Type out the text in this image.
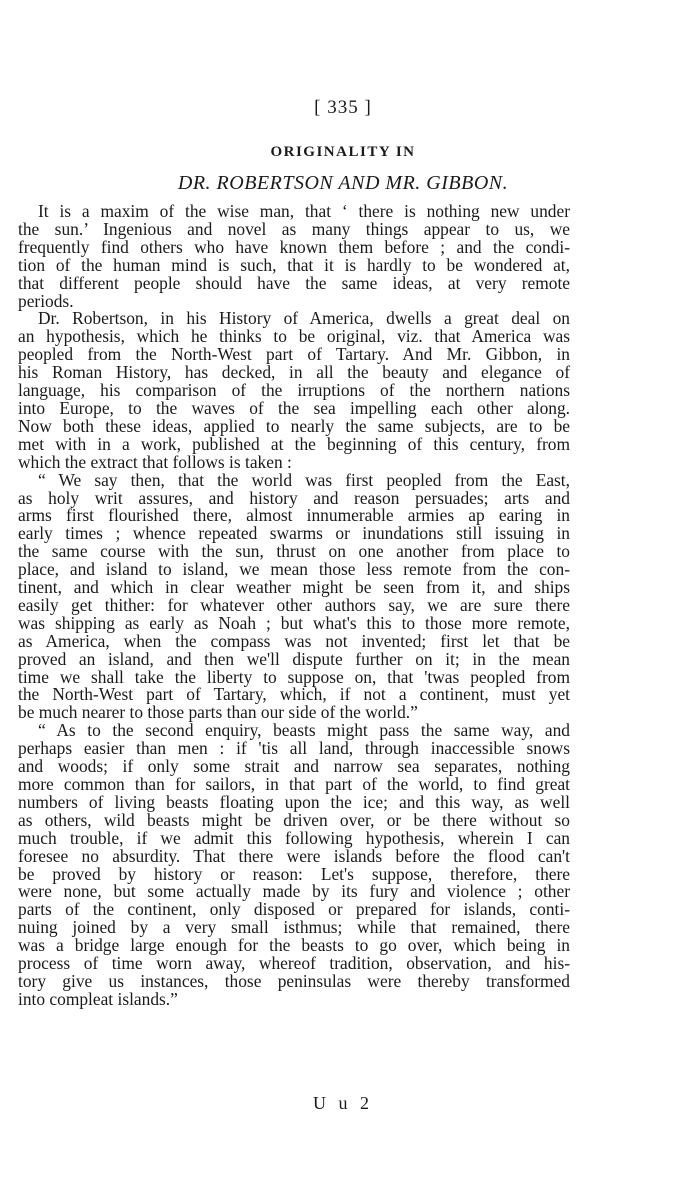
[ 335 ]
ORIGINALITY IN
DR. ROBERTSON AND MR. GIBBON.
It is a maxim of the wise man, that ‘ there is nothing new under
the sun.’ Ingenious and novel as many things appear to us, we
frequently find others who have known them before ; and the condi-
tion of the human mind is such, that it is hardly to be wondered at,
that different people should have the same ideas, at very remote
periods.
Dr. Robertson, in his History of America, dwells a great deal on
an hypothesis, which he thinks to be original, viz. that America was
peopled from the North-West part of Tartary. And Mr. Gibbon, in
his Roman History, has decked, in all the beauty and elegance of
language, his comparison of the irruptions of the northern nations
into Europe, to the waves of the sea impelling each other along.
Now both these ideas, applied to nearly the same subjects, are to be
met with in a work, published at the beginning of this century, from
which the extract that follows is taken :
“ We say then, that the world was first peopled from the East,
as holy writ assures, and history and reason persuades; arts and
arms first flourished there, almost innumerable armies ap earing in
early times ; whence repeated swarms or inundations still issuing in
the same course with the sun, thrust on one another from place to
place, and island to island, we mean those less remote from the con-
tinent, and which in clear weather might be seen from it, and ships
easily get thither: for whatever other authors say, we are sure there
was shipping as early as Noah ; but what's this to those more remote,
as America, when the compass was not invented; first let that be
proved an island, and then we'll dispute further on it; in the mean
time we shall take the liberty to suppose on, that 'twas peopled from
the North-West part of Tartary, which, if not a continent, must yet
be much nearer to those parts than our side of the world.”
“ As to the second enquiry, beasts might pass the same way, and
perhaps easier than men : if 'tis all land, through inaccessible snows
and woods; if only some strait and narrow sea separates, nothing
more common than for sailors, in that part of the world, to find great
numbers of living beasts floating upon the ice; and this way, as well
as others, wild beasts might be driven over, or be there without so
much trouble, if we admit this following hypothesis, wherein I can
foresee no absurdity. That there were islands before the flood can't
be proved by history or reason: Let's suppose, therefore, there
were none, but some actually made by its fury and violence ; other
parts of the continent, only disposed or prepared for islands, conti-
nuing joined by a very small isthmus; while that remained, there
was a bridge large enough for the beasts to go over, which being in
process of time worn away, whereof tradition, observation, and his-
tory give us instances, those peninsulas were thereby transformed
into compleat islands.”
U u 2
